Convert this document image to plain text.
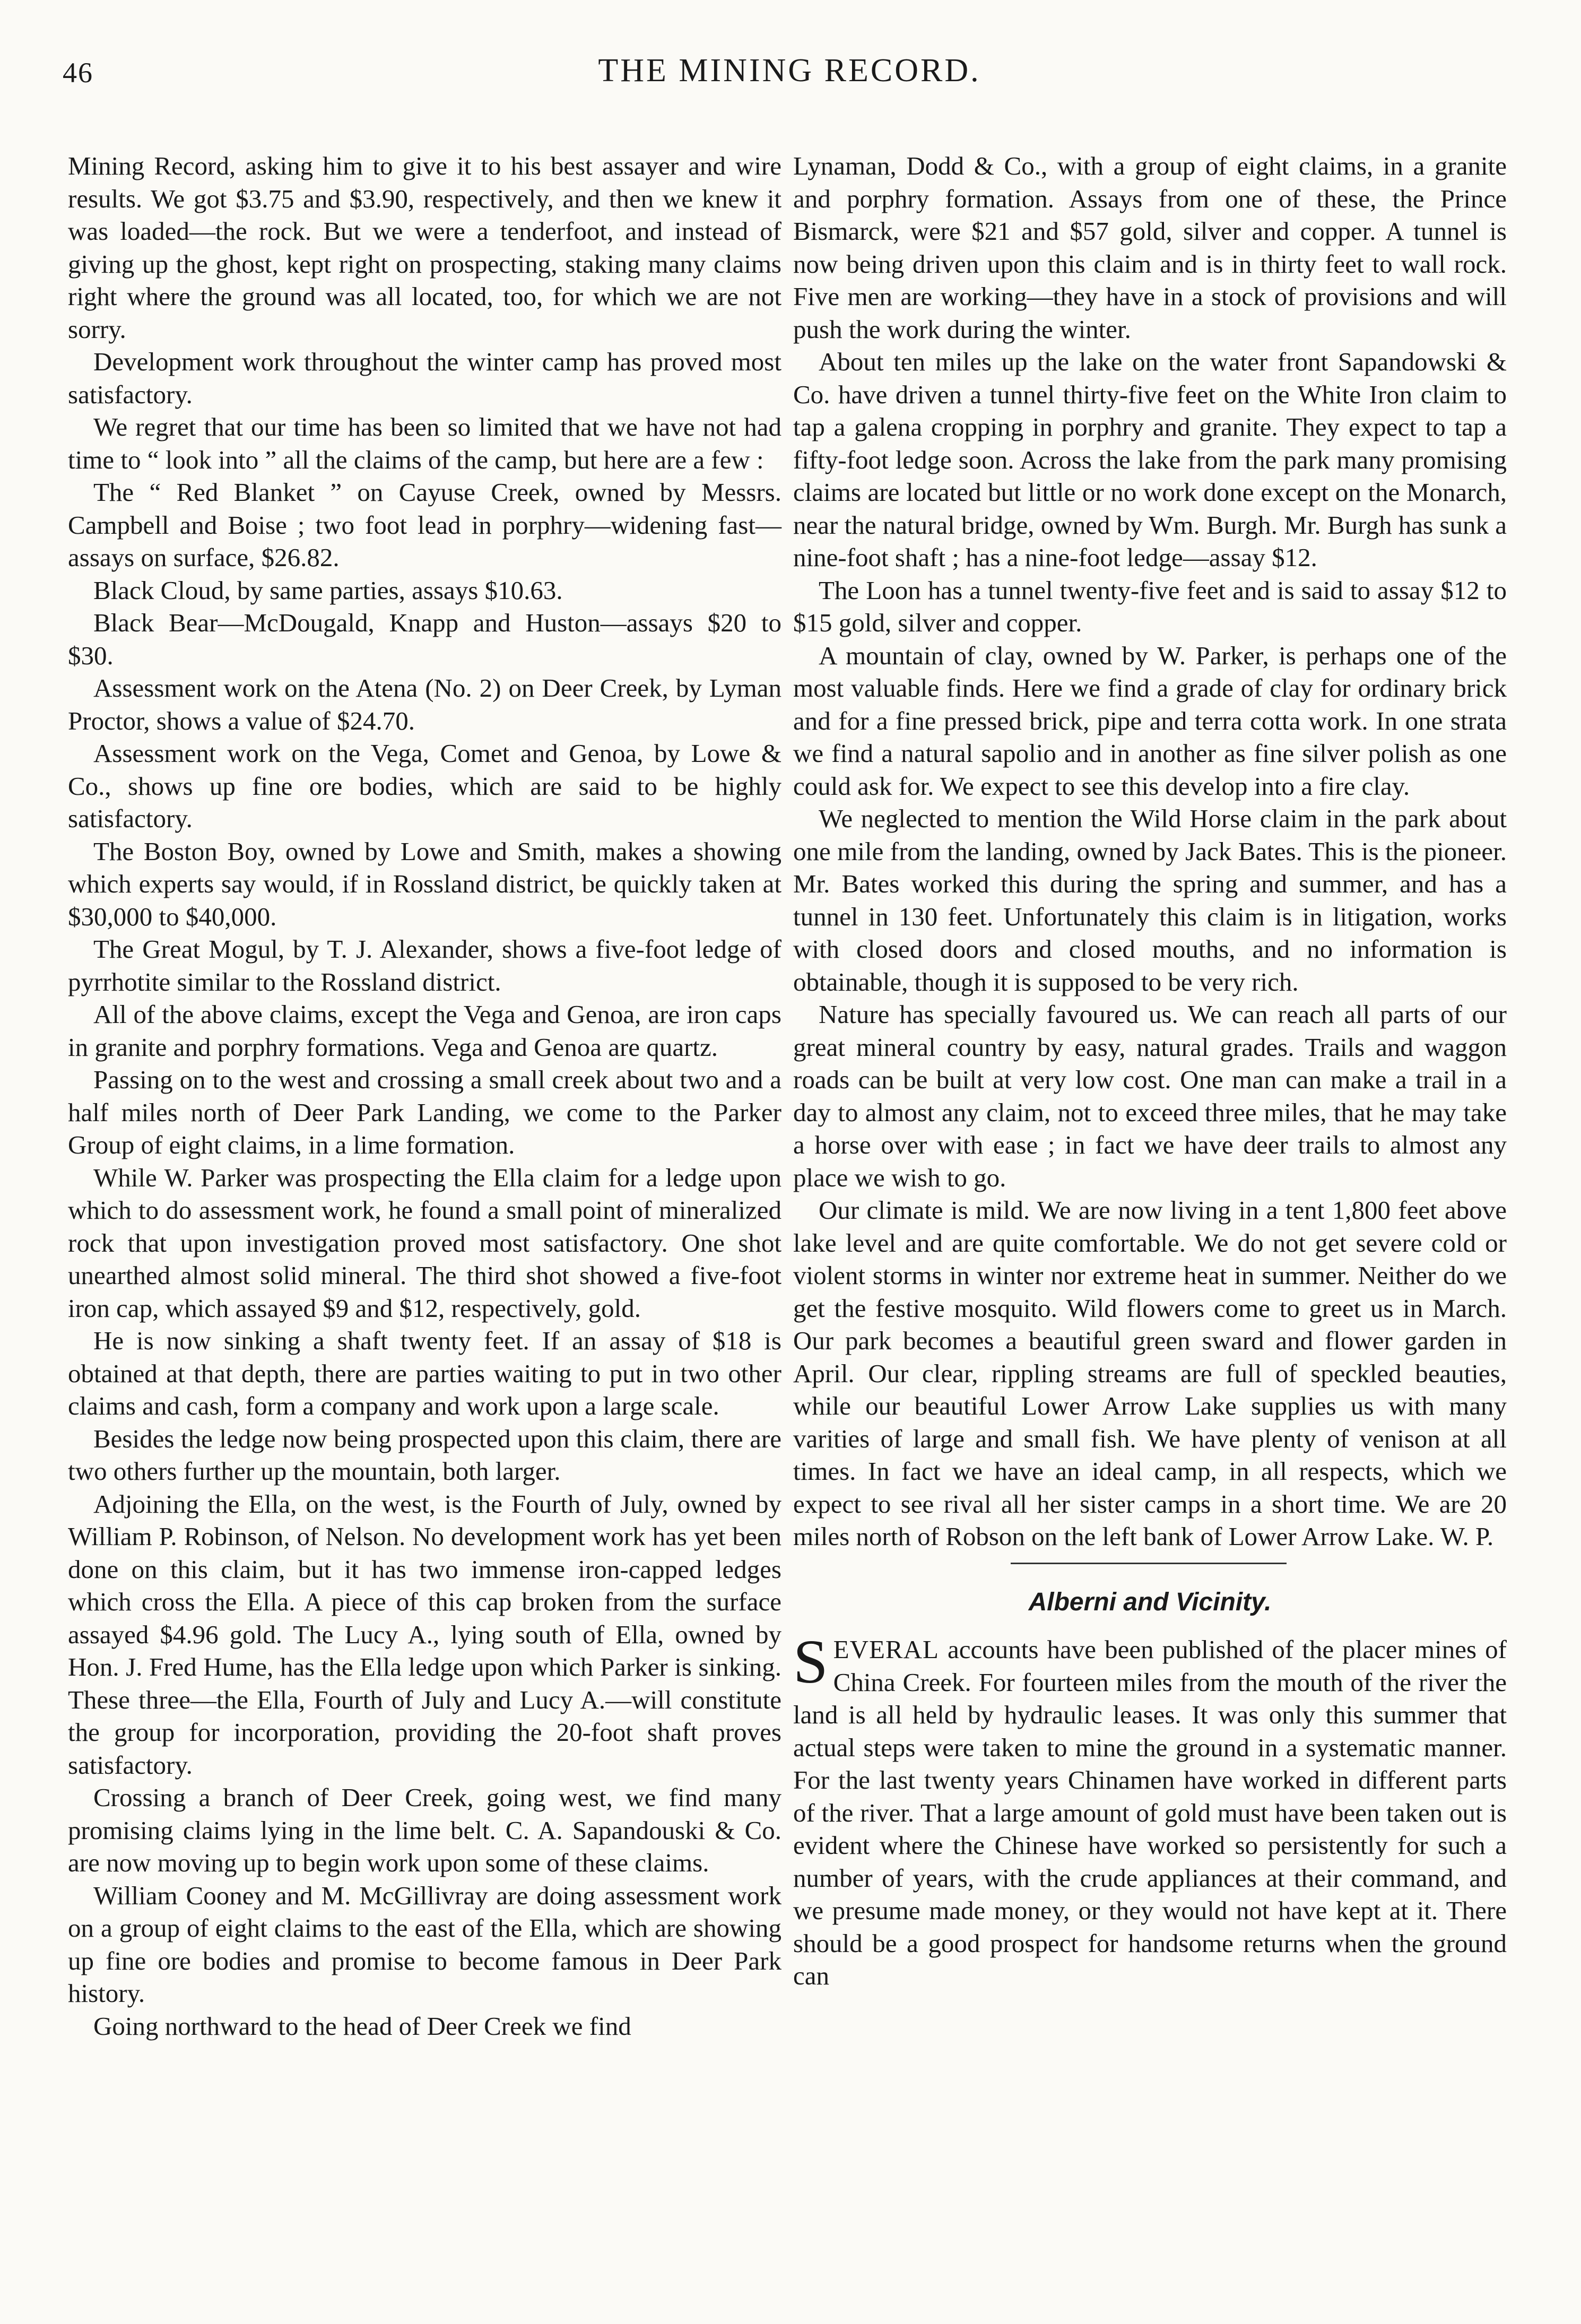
46	THE MINING RECORD.

Mining Record, asking him to give it to his best assayer and wire results. We got $3.75 and $3.90, respectively, and then we knew it was loaded—the rock. But we were a tenderfoot, and instead of giving up the ghost, kept right on prospecting, staking many claims right where the ground was all located, too, for which we are not sorry.

Development work throughout the winter camp has proved most satisfactory.

We regret that our time has been so limited that we have not had time to “ look into ” all the claims of the camp, but here are a few :

The “ Red Blanket ” on Cayuse Creek, owned by Messrs. Campbell and Boise ; two foot lead in porphry—widening fast—assays on surface, $26.82.

Black Cloud, by same parties, assays $10.63.

Black Bear—McDougald, Knapp and Huston—assays $20 to $30.

Assessment work on the Atena (No. 2) on Deer Creek, by Lyman Proctor, shows a value of $24.70.

Assessment work on the Vega, Comet and Genoa, by Lowe & Co., shows up fine ore bodies, which are said to be highly satisfactory.

The Boston Boy, owned by Lowe and Smith, makes a showing which experts say would, if in Rossland district, be quickly taken at $30,000 to $40,000.

The Great Mogul, by T. J. Alexander, shows a five-foot ledge of pyrrhotite similar to the Rossland district.

All of the above claims, except the Vega and Genoa, are iron caps in granite and porphry formations. Vega and Genoa are quartz.

Passing on to the west and crossing a small creek about two and a half miles north of Deer Park Landing, we come to the Parker Group of eight claims, in a lime formation.

While W. Parker was prospecting the Ella claim for a ledge upon which to do assessment work, he found a small point of mineralized rock that upon investigation proved most satisfactory. One shot unearthed almost solid mineral. The third shot showed a five-foot iron cap, which assayed $9 and $12, respectively, gold.

He is now sinking a shaft twenty feet. If an assay of $18 is obtained at that depth, there are parties waiting to put in two other claims and cash, form a company and work upon a large scale.

Besides the ledge now being prospected upon this claim, there are two others further up the mountain, both larger.

Adjoining the Ella, on the west, is the Fourth of July, owned by William P. Robinson, of Nelson. No development work has yet been done on this claim, but it has two immense iron-capped ledges which cross the Ella. A piece of this cap broken from the surface assayed $4.96 gold. The Lucy A., lying south of Ella, owned by Hon. J. Fred Hume, has the Ella ledge upon which Parker is sinking. These three—the Ella, Fourth of July and Lucy A.—will constitute the group for incorporation, providing the 20-foot shaft proves satisfactory.

Crossing a branch of Deer Creek, going west, we find many promising claims lying in the lime belt. C. A. Sapandouski & Co. are now moving up to begin work upon some of these claims.

William Cooney and M. McGillivray are doing assessment work on a group of eight claims to the east of the Ella, which are showing up fine ore bodies and promise to become famous in Deer Park history.

Going northward to the head of Deer Creek we find

Lynaman, Dodd & Co., with a group of eight claims, in a granite and porphry formation. Assays from one of these, the Prince Bismarck, were $21 and $57 gold, silver and copper. A tunnel is now being driven upon this claim and is in thirty feet to wall rock. Five men are working—they have in a stock of provisions and will push the work during the winter.

About ten miles up the lake on the water front Sapandowski & Co. have driven a tunnel thirty-five feet on the White Iron claim to tap a galena cropping in porphry and granite. They expect to tap a fifty-foot ledge soon. Across the lake from the park many promising claims are located but little or no work done except on the Monarch, near the natural bridge, owned by Wm. Burgh. Mr. Burgh has sunk a nine-foot shaft ; has a nine-foot ledge—assay $12.

The Loon has a tunnel twenty-five feet and is said to assay $12 to $15 gold, silver and copper.

A mountain of clay, owned by W. Parker, is perhaps one of the most valuable finds. Here we find a grade of clay for ordinary brick and for a fine pressed brick, pipe and terra cotta work. In one strata we find a natural sapolio and in another as fine silver polish as one could ask for. We expect to see this develop into a fire clay.

We neglected to mention the Wild Horse claim in the park about one mile from the landing, owned by Jack Bates. This is the pioneer. Mr. Bates worked this during the spring and summer, and has a tunnel in 130 feet. Unfortunately this claim is in litigation, works with closed doors and closed mouths, and no information is obtainable, though it is supposed to be very rich.

Nature has specially favoured us. We can reach all parts of our great mineral country by easy, natural grades. Trails and waggon roads can be built at very low cost. One man can make a trail in a day to almost any claim, not to exceed three miles, that he may take a horse over with ease ; in fact we have deer trails to almost any place we wish to go.

Our climate is mild. We are now living in a tent 1,800 feet above lake level and are quite comfortable. We do not get severe cold or violent storms in winter nor extreme heat in summer. Neither do we get the festive mosquito. Wild flowers come to greet us in March. Our park becomes a beautiful green sward and flower garden in April. Our clear, rippling streams are full of speckled beauties, while our beautiful Lower Arrow Lake supplies us with many varities of large and small fish. We have plenty of venison at all times. In fact we have an ideal camp, in all respects, which we expect to see rival all her sister camps in a short time. We are 20 miles north of Robson on the left bank of Lower Arrow Lake. W. P.

Alberni and Vicinity.

SEVERAL accounts have been published of the placer mines of China Creek. For fourteen miles from the mouth of the river the land is all held by hydraulic leases. It was only this summer that actual steps were taken to mine the ground in a systematic manner. For the last twenty years Chinamen have worked in different parts of the river. That a large amount of gold must have been taken out is evident where the Chinese have worked so persistently for such a number of years, with the crude appliances at their command, and we presume made money, or they would not have kept at it. There should be a good prospect for handsome returns when the ground can
